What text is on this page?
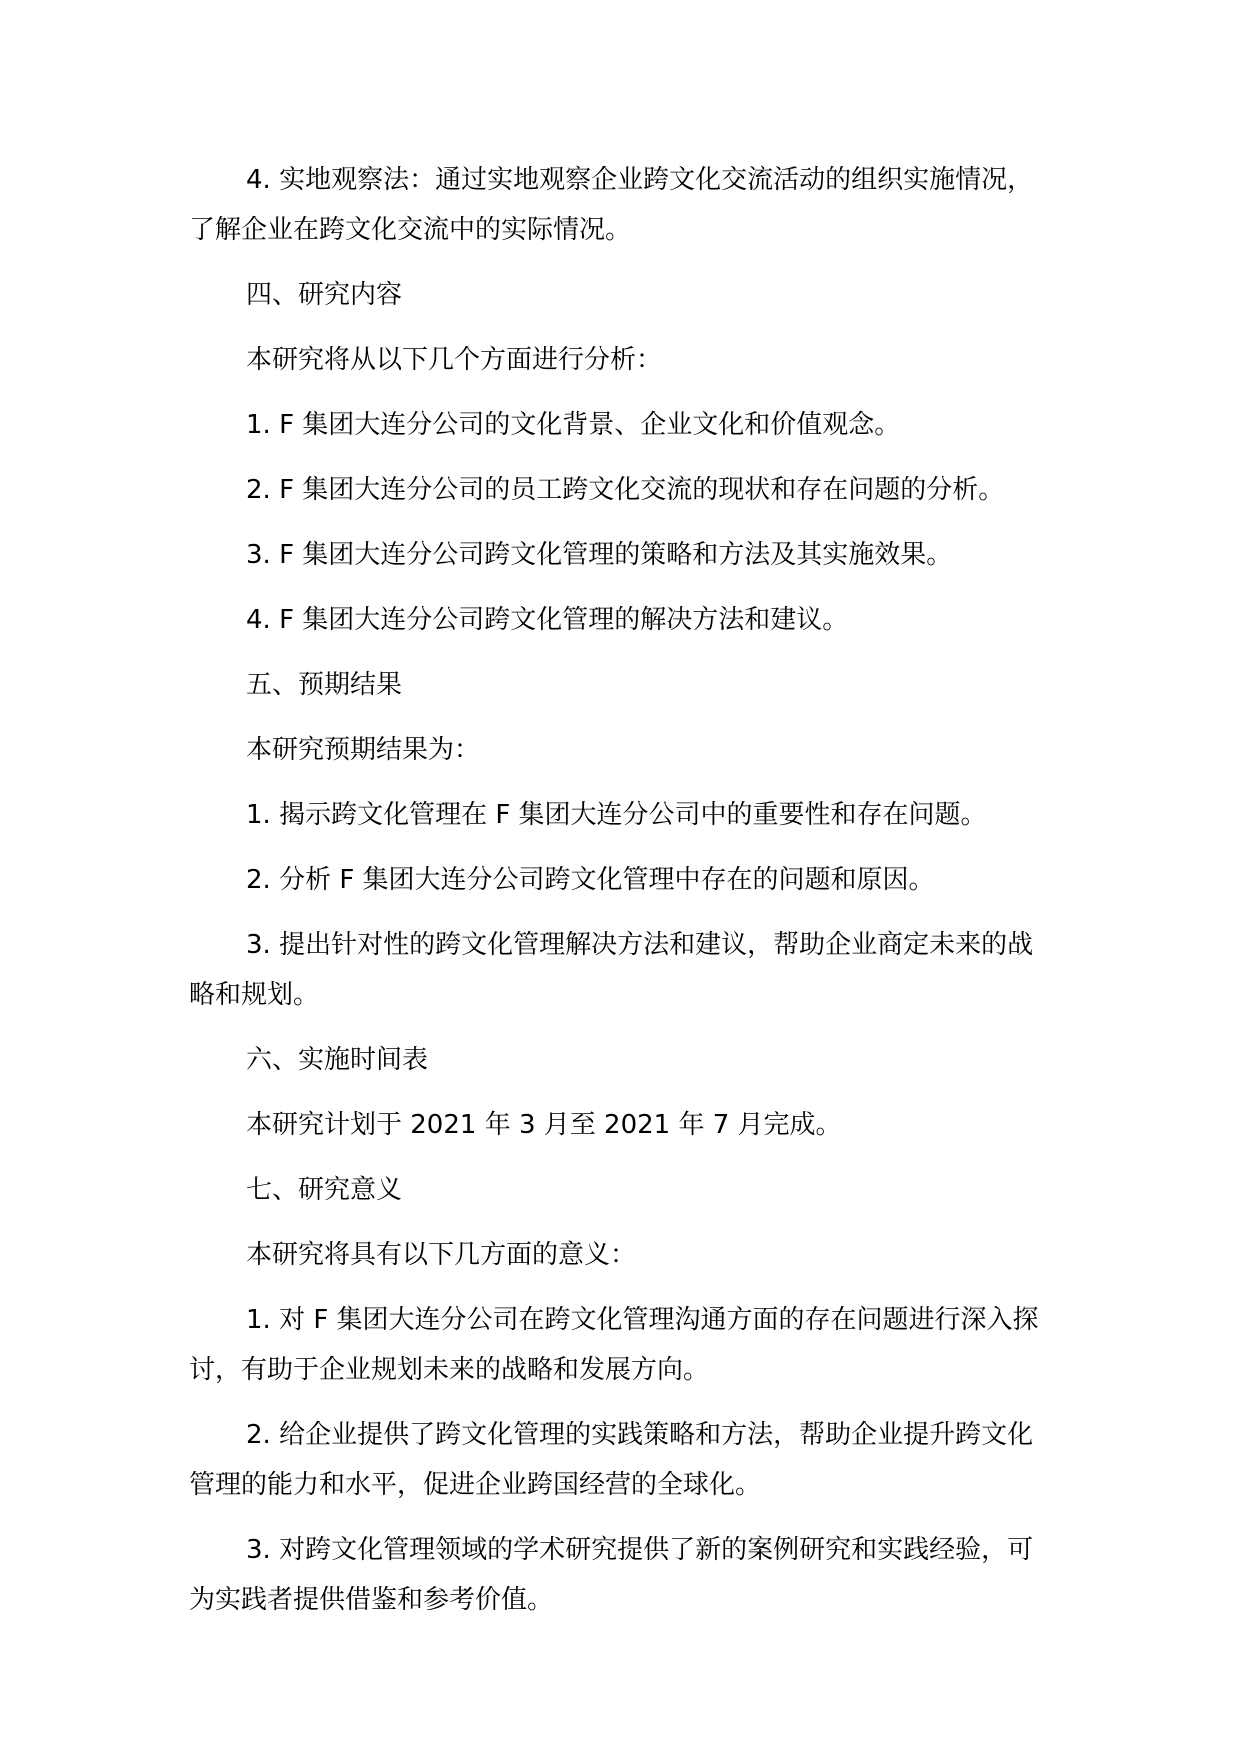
4. 实地观察法：通过实地观察企业跨文化交流活动的组织实施情况，了解企业在跨文化交流中的实际情况。

四、研究内容

本研究将从以下几个方面进行分析：

1. F 集团大连分公司的文化背景、企业文化和价值观念。

2. F 集团大连分公司的员工跨文化交流的现状和存在问题的分析。

3. F 集团大连分公司跨文化管理的策略和方法及其实施效果。

4. F 集团大连分公司跨文化管理的解决方法和建议。

五、预期结果

本研究预期结果为：

1. 揭示跨文化管理在 F 集团大连分公司中的重要性和存在问题。

2. 分析 F 集团大连分公司跨文化管理中存在的问题和原因。

3. 提出针对性的跨文化管理解决方法和建议，帮助企业商定未来的战略和规划。

六、实施时间表

本研究计划于 2021 年 3 月至 2021 年 7 月完成。

七、研究意义

本研究将具有以下几方面的意义：

1. 对 F 集团大连分公司在跨文化管理沟通方面的存在问题进行深入探讨，有助于企业规划未来的战略和发展方向。

2. 给企业提供了跨文化管理的实践策略和方法，帮助企业提升跨文化管理的能力和水平，促进企业跨国经营的全球化。

3. 对跨文化管理领域的学术研究提供了新的案例研究和实践经验，可为实践者提供借鉴和参考价值。
